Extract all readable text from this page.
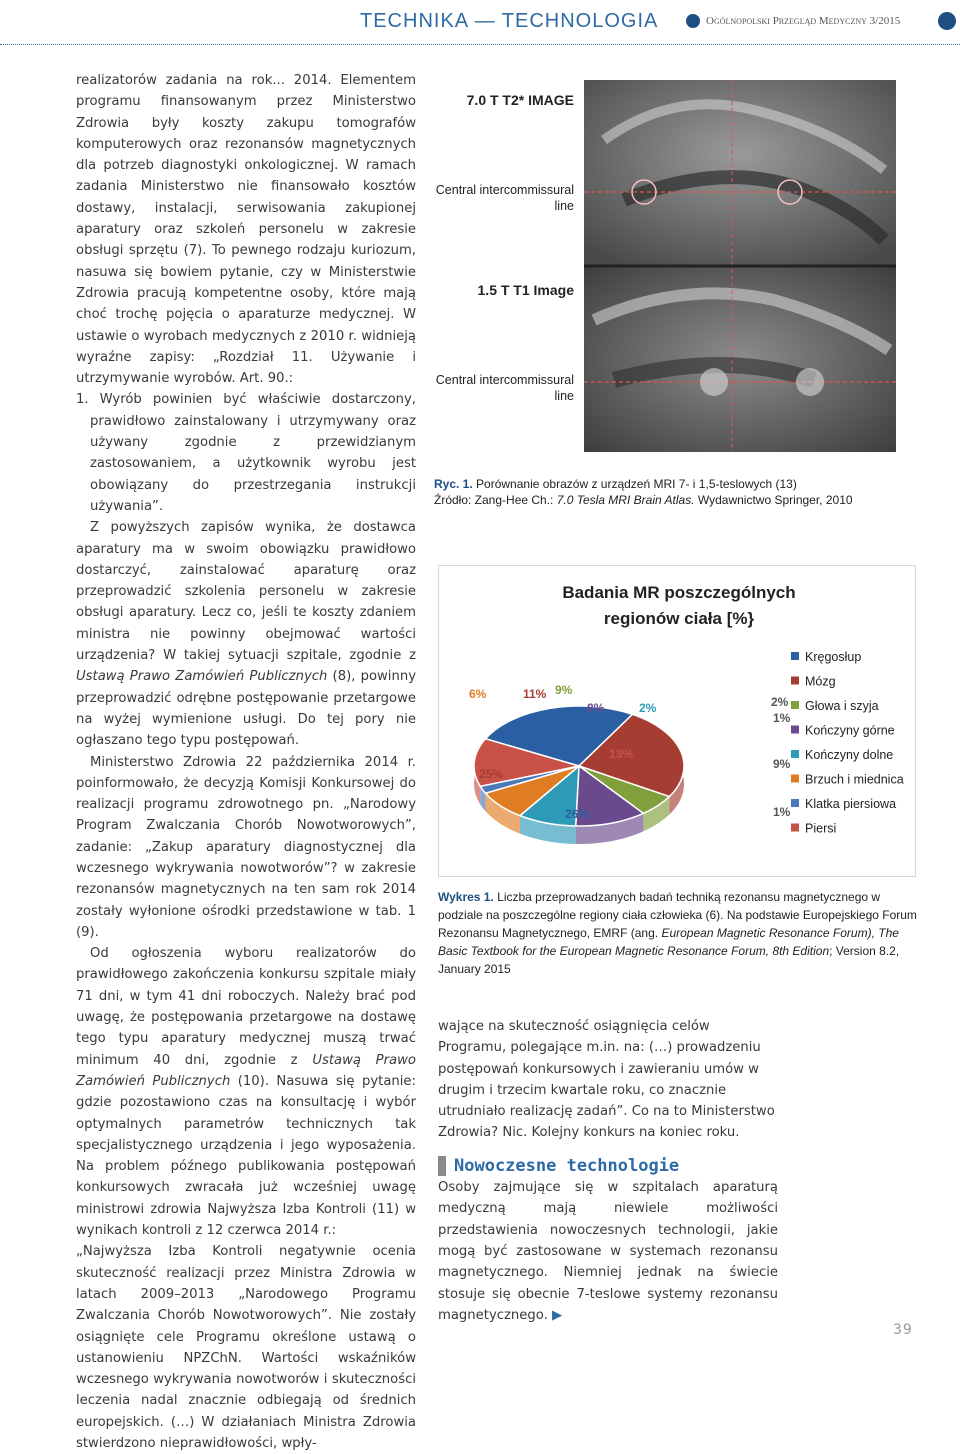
TECHNIKA — TECHNOLOGIA	Ogólnopolski Przegląd Medyczny 3/2015

realizatorów zadania na rok... 2014. Elementem programu finansowanym przez Ministerstwo Zdrowia były koszty zakupu tomografów komputerowych oraz rezonansów magnetycznych dla potrzeb diagnostyki onkologicznej. W ramach zadania Ministerstwo nie finansowało kosztów dostawy, instalacji, serwisowania zakupionej aparatury oraz szkoleń personelu w zakresie obsługi sprzętu (7). To pewnego rodzaju kuriozum, nasuwa się bowiem pytanie, czy w Ministerstwie Zdrowia pracują kompetentne osoby, które mają choć trochę pojęcia o aparaturze medycznej. W ustawie o wyrobach medycznych z 2010 r. widnieją wyraźne zapisy: „Rozdział 11. Używanie i utrzymywanie wyrobów. Art. 90.:

1. Wyrób powinien być właściwie dostarczony, prawidłowo zainstalowany i utrzymywany oraz używany zgodnie z przewidzianym zastosowaniem, a użytkownik wyrobu jest obowiązany do przestrzegania instrukcji używania”.

Z powyższych zapisów wynika, że dostawca aparatury ma w swoim obowiązku prawidłowo dostarczyć, zainstalować aparaturę oraz przeprowadzić szkolenia personelu w zakresie obsługi aparatury. Lecz co, jeśli te koszty zdaniem ministra nie powinny obejmować wartości urządzenia? W takiej sytuacji szpitale, zgodnie z Ustawą Prawo Zamówień Publicznych (8), powinny przeprowadzić odrębne postępowanie przetargowe na wyżej wymienione usługi. Do tej pory nie ogłaszano tego typu postępowań.

Ministerstwo Zdrowia 22 października 2014 r. poinformowało, że decyzją Komisji Konkursowej do realizacji programu zdrowotnego pn. „Narodowy Program Zwalczania Chorób Nowotworowych”, zadanie: „Zakup aparatury diagnostycznej dla wczesnego wykrywania nowotworów”? w zakresie rezonansów magnetycznych na ten sam rok 2014 zostały wyłonione ośrodki przedstawione w tab. 1 (9).

Od ogłoszenia wyboru realizatorów do prawidłowego zakończenia konkursu szpitale miały 71 dni, w tym 41 dni roboczych. Należy brać pod uwagę, że postępowania przetargowe na dostawę tego typu aparatury medycznej muszą trwać minimum 40 dni, zgodnie z Ustawą Prawo Zamówień Publicznych (10). Nasuwa się pytanie: gdzie pozostawiono czas na konsultację i wybór optymalnych parametrów technicznych tak specjalistycznego urządzenia i jego wyposażenia. Na problem późnego publikowania postępowań konkursowych zwracała już wcześniej uwagę ministrowi zdrowia Najwyższa Izba Kontroli (11) w wynikach kontroli z 12 czerwca 2014 r.:

„Najwyższa Izba Kontroli negatywnie ocenia skuteczność realizacji przez Ministra Zdrowia w latach 2009–2013 „Narodowego Programu Zwalczania Chorób Nowotworowych”. Nie zostały osiągnięte cele Programu określone ustawą o ustanowieniu NPZChN. Wartości wskaźników wczesnego wykrywania nowotworów i skuteczności leczenia nadal znacznie odbiegają od średnich europejskich. (…) W działaniach Ministra Zdrowia stwierdzono nieprawidłowości, wpły-

7.0 T T2* IMAGE
Central intercommissural line
1.5 T T1 Image
Central intercommissural line
Ryc. 1. Porównanie obrazów z urządzeń MRI 7- i 1,5-teslowych (13)
Źródło: Zang-Hee Ch.: 7.0 Tesla MRI Brain Atlas. Wydawnictwo Springer, 2010
Badania MR poszczególnych
regionów ciała [%}
6%	11% 9%
8%	2%
25%
26%
13%
2%
1%
9%
1%
Kręgosłup
Mózg
Głowa i szyja
Kończyny górne
Kończyny dolne
Brzuch i miednica
Klatka piersiowa
Piersi
Wykres 1. Liczba przeprowadzanych badań techniką rezonansu magnetycznego w podziale na poszczególne regiony ciała człowieka (6). Na podstawie Europejskiego Forum Rezonansu Magnetycznego, EMRF (ang. European Magnetic Resonance Forum), The Basic Textbook for the European Magnetic Resonance Forum, 8th Edition; Version 8.2, January 2015

wające na skuteczność osiągnięcia celów Programu, polegające m.in. na: (…) prowadzeniu postępowań konkursowych i zawieraniu umów w drugim i trzecim kwartale roku, co znacznie utrudniało realizację zadań”. Co na to Ministerstwo Zdrowia? Nic. Kolejny konkurs na koniec roku.

Nowoczesne technologie

Osoby zajmujące się w szpitalach aparaturą medyczną mają niewiele możliwości przedstawienia nowoczesnych technologii, jakie mogą być zastosowane w systemach rezonansu magnetycznego. Niemniej jednak na świecie stosuje się obecnie 7-teslowe systemy rezonansu magnetycznego. ▶

39
